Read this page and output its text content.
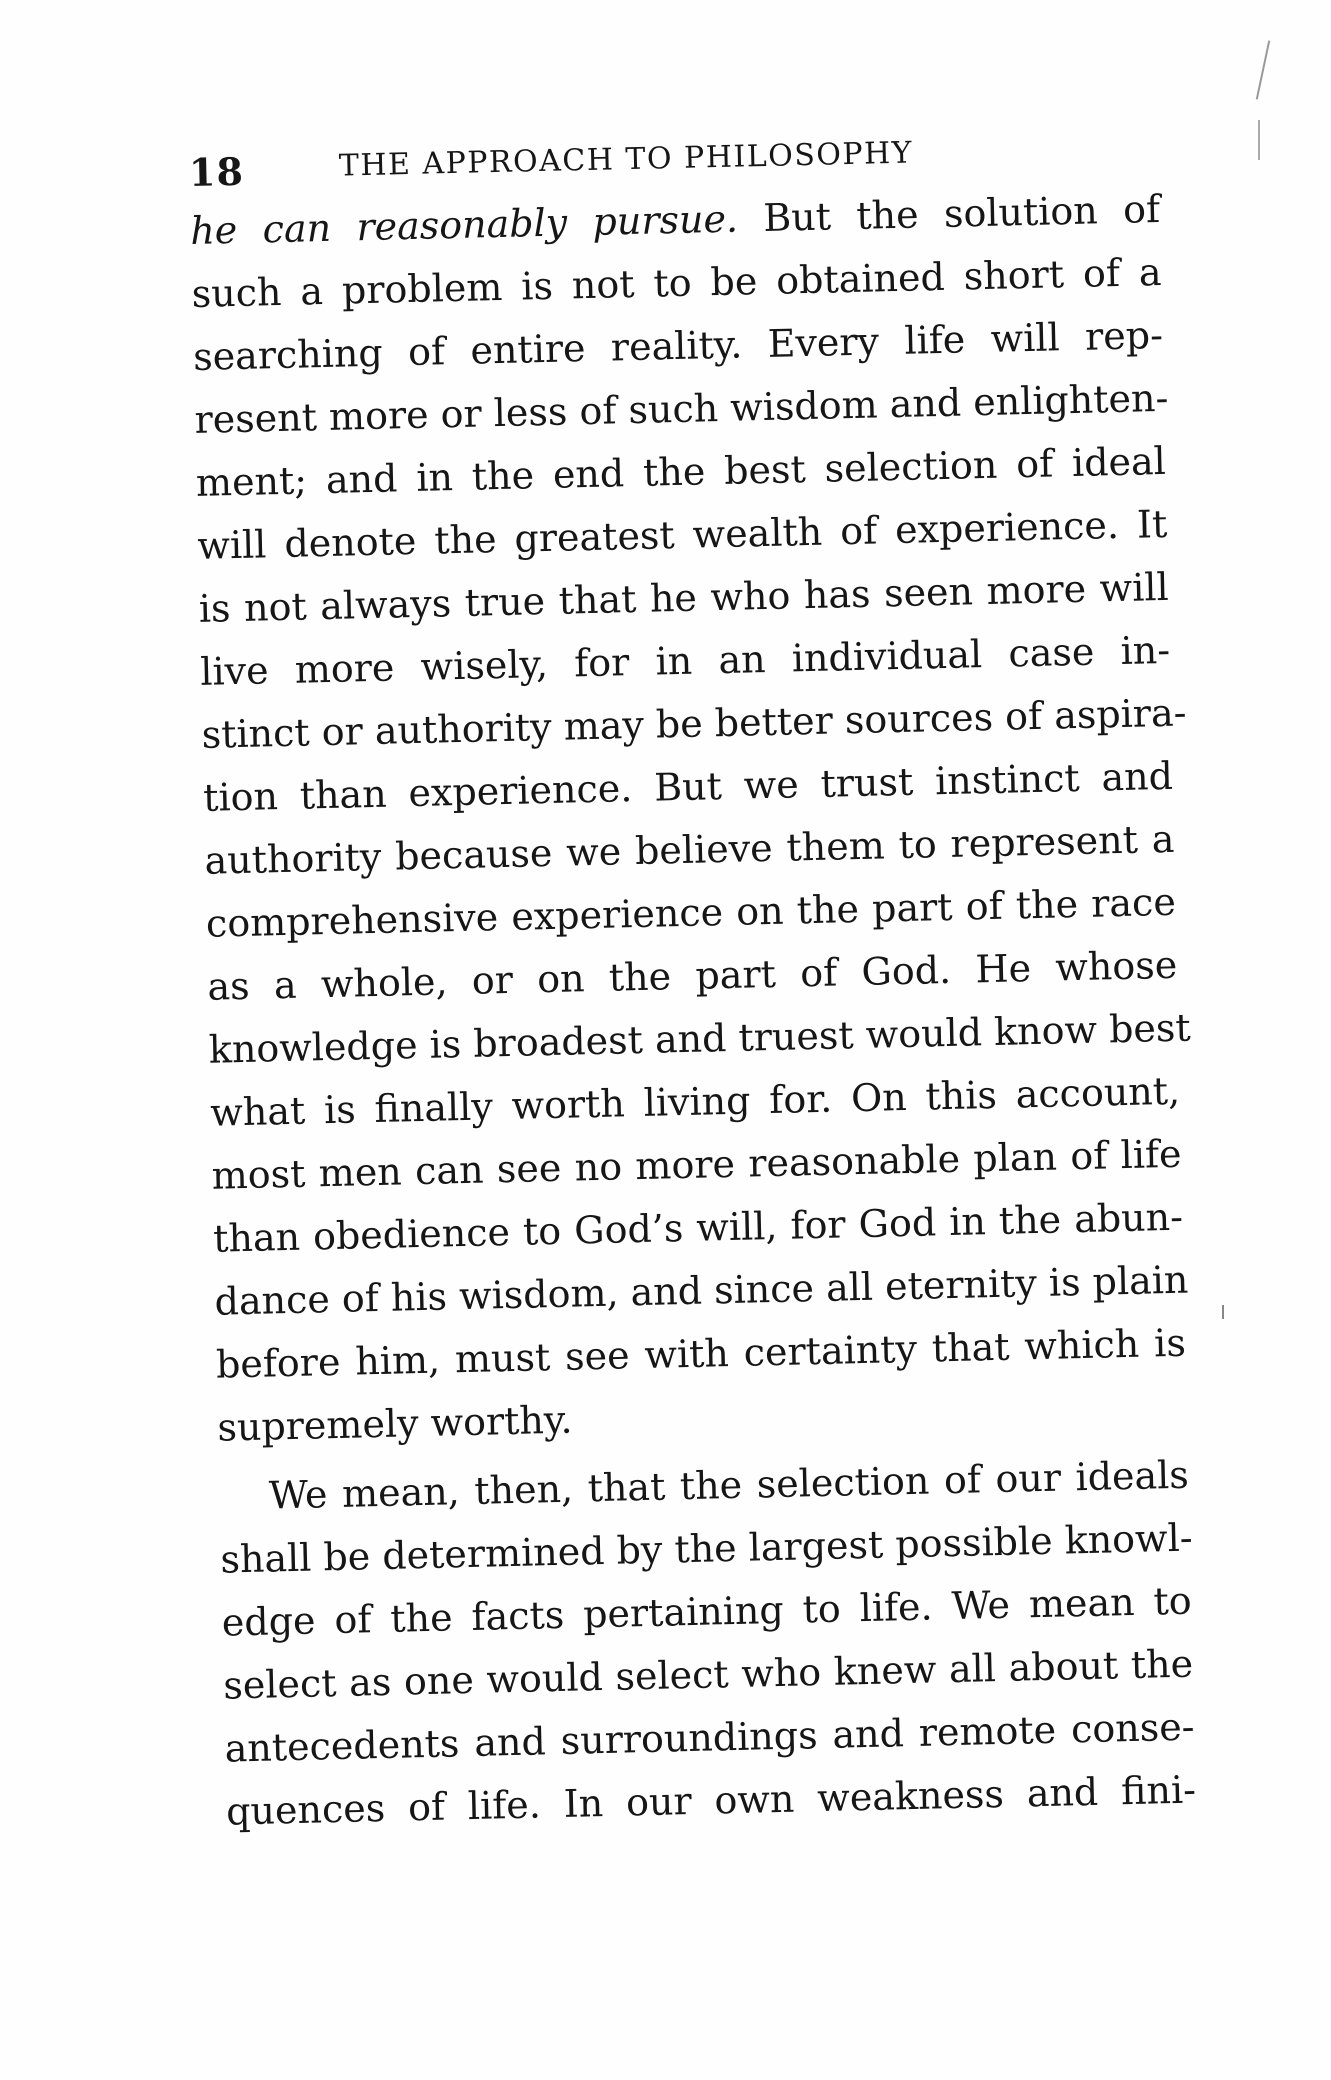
18	THE APPROACH TO PHILOSOPHY
he can reasonably pursue. But the solution of
such a problem is not to be obtained short of a
searching of entire reality. Every life will rep-
resent more or less of such wisdom and enlighten-
ment; and in the end the best selection of ideal
will denote the greatest wealth of experience. It
is not always true that he who has seen more will
live more wisely, for in an individual case in-
stinct or authority may be better sources of aspira-
tion than experience. But we trust instinct and
authority because we believe them to represent a
comprehensive experience on the part of the race
as a whole, or on the part of God. He whose
knowledge is broadest and truest would know best
what is finally worth living for. On this account,
most men can see no more reasonable plan of life
than obedience to God’s will, for God in the abun-
dance of his wisdom, and since all eternity is plain
before him, must see with certainty that which is
supremely worthy.
We mean, then, that the selection of our ideals
shall be determined by the largest possible knowl-
edge of the facts pertaining to life. We mean to
select as one would select who knew all about the
antecedents and surroundings and remote conse-
quences of life. In our own weakness and fini-
